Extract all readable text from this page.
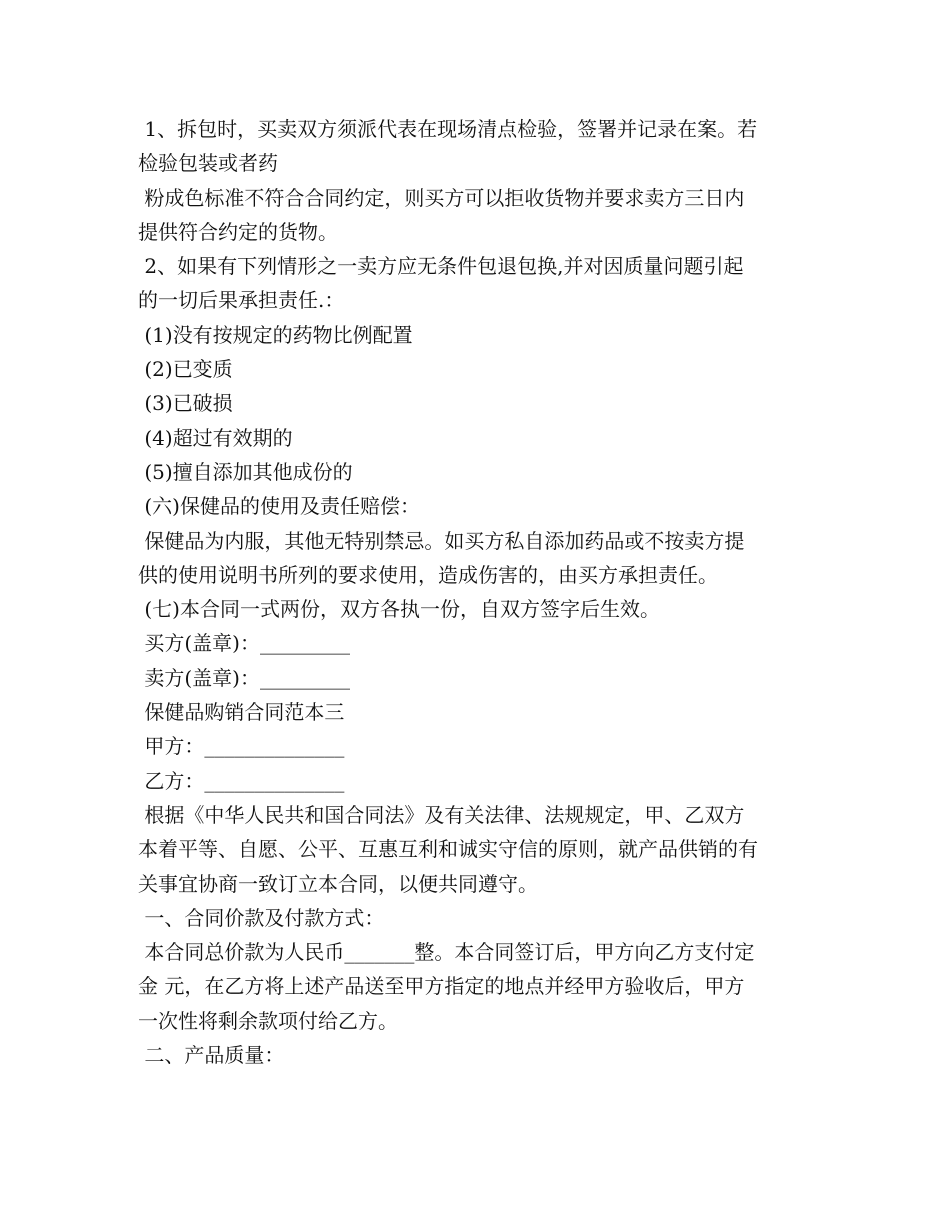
1、拆包时，买卖双方须派代表在现场清点检验，签署并记录在案。若
检验包装或者药
粉成色标准不符合合同约定，则买方可以拒收货物并要求卖方三日内
提供符合约定的货物。
2、如果有下列情形之一卖方应无条件包退包换,并对因质量问题引起
的一切后果承担责任.：
(1)没有按规定的药物比例配置
(2)已变质
(3)已破损
(4)超过有效期的
(5)擅自添加其他成份的
(六)保健品的使用及责任赔偿：
保健品为内服，其他无特别禁忌。如买方私自添加药品或不按卖方提
供的使用说明书所列的要求使用，造成伤害的，由买方承担责任。
(七)本合同一式两份，双方各执一份，自双方签字后生效。
买方(盖章)：_________
卖方(盖章)：_________
保健品购销合同范本三
甲方：______________
乙方：______________
根据《中华人民共和国合同法》及有关法律、法规规定，甲、乙双方
本着平等、自愿、公平、互惠互利和诚实守信的原则，就产品供销的有
关事宜协商一致订立本合同，以便共同遵守。
一、合同价款及付款方式：
本合同总价款为人民币_______整。本合同签订后，甲方向乙方支付定
金 元，在乙方将上述产品送至甲方指定的地点并经甲方验收后，甲方
一次性将剩余款项付给乙方。
二、产品质量：
